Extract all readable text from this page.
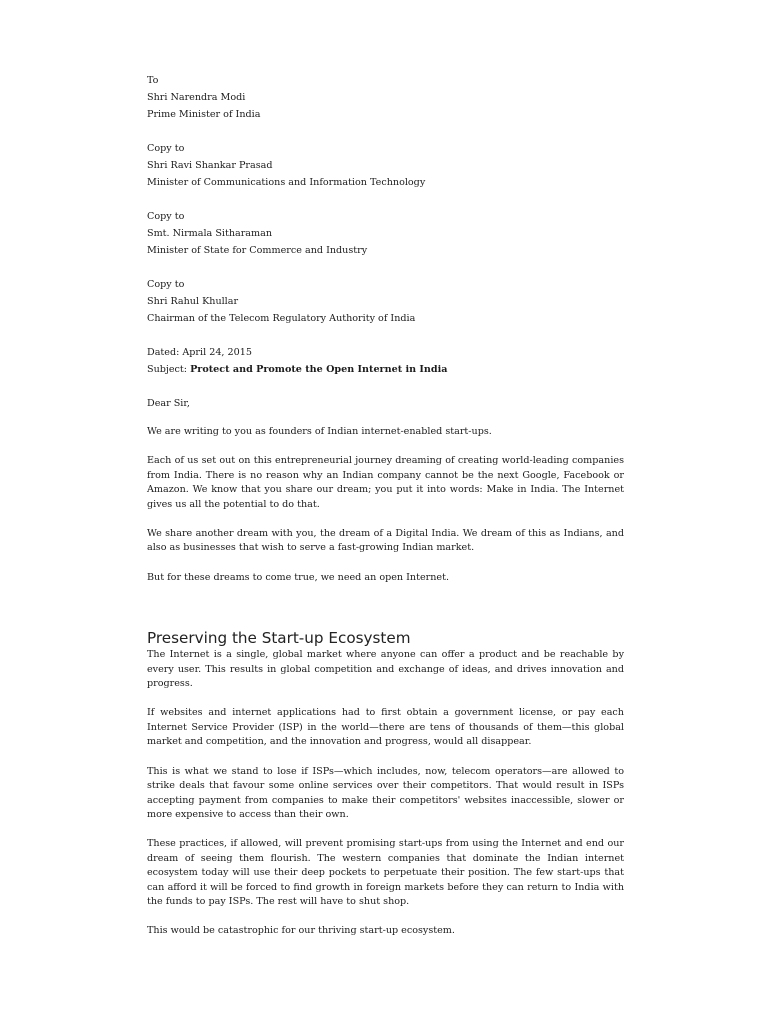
To
Shri Narendra Modi
Prime Minister of India
Copy to
Shri Ravi Shankar Prasad
Minister of Communications and Information Technology
Copy to
Smt. Nirmala Sitharaman
Minister of State for Commerce and Industry
Copy to
Shri Rahul Khullar
Chairman of the Telecom Regulatory Authority of India
Dated: April 24, 2015
Subject: Protect and Promote the Open Internet in India

Dear Sir,

We are writing to you as founders of Indian internet-enabled start-ups.

Each of us set out on this entrepreneurial journey dreaming of creating world-leading companies from India. There is no reason why an Indian company cannot be the next Google, Facebook or Amazon. We know that you share our dream; you put it into words: Make in India. The Internet gives us all the potential to do that.

We share another dream with you, the dream of a Digital India. We dream of this as Indians, and also as businesses that wish to serve a fast-growing Indian market.

But for these dreams to come true, we need an open Internet.

Preserving the Start-up Ecosystem

The Internet is a single, global market where anyone can offer a product and be reachable by every user. This results in global competition and exchange of ideas, and drives innovation and progress.

If websites and internet applications had to first obtain a government license, or pay each Internet Service Provider (ISP) in the world—there are tens of thousands of them—this global market and competition, and the innovation and progress, would all disappear.

This is what we stand to lose if ISPs—which includes, now, telecom operators—are allowed to strike deals that favour some online services over their competitors. That would result in ISPs accepting payment from companies to make their competitors' websites inaccessible, slower or more expensive to access than their own.

These practices, if allowed, will prevent promising start-ups from using the Internet and end our dream of seeing them flourish. The western companies that dominate the Indian internet ecosystem today will use their deep pockets to perpetuate their position. The few start-ups that can afford it will be forced to find growth in foreign markets before they can return to India with the funds to pay ISPs. The rest will have to shut shop.

This would be catastrophic for our thriving start-up ecosystem.
